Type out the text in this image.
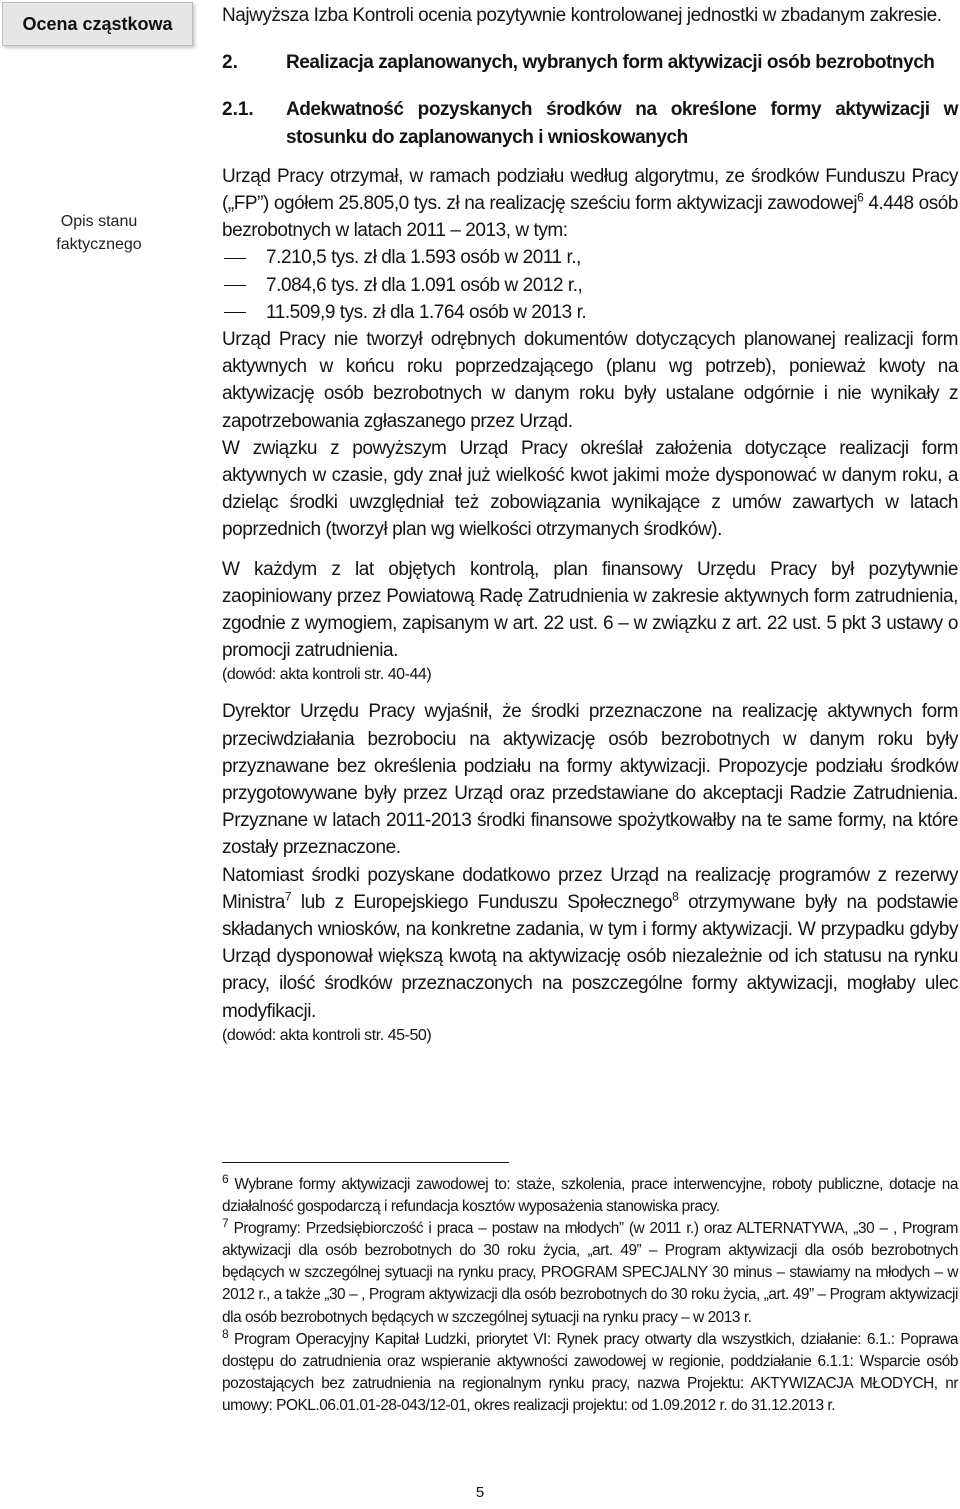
Ocena cząstkowa
Opis stanu
faktycznego

Najwyższa Izba Kontroli ocenia pozytywnie kontrolowanej jednostki w zbadanym zakresie.

2.	Realizacja zaplanowanych, wybranych form aktywizacji osób bezrobotnych
2.1.	Adekwatność pozyskanych środków na określone formy aktywizacji w stosunku do zaplanowanych i wnioskowanych

Urząd Pracy otrzymał, w ramach podziału według algorytmu, ze środków Funduszu Pracy („FP”) ogółem 25.805,0 tys. zł na realizację sześciu form aktywizacji zawodowej$^6$ 4.448 osób bezrobotnych w latach 2011 – 2013, w tym:

7.210,5 tys. zł dla 1.593 osób w 2011 r.,
7.084,6 tys. zł dla 1.091 osób w 2012 r.,
11.509,9 tys. zł dla 1.764 osób w 2013 r.

Urząd Pracy nie tworzył odrębnych dokumentów dotyczących planowanej realizacji form aktywnych w końcu roku poprzedzającego (planu wg potrzeb), ponieważ kwoty na aktywizację osób bezrobotnych w danym roku były ustalane odgórnie i nie wynikały z zapotrzebowania zgłaszanego przez Urząd.

W związku z powyższym Urząd Pracy określał założenia dotyczące realizacji form aktywnych w czasie, gdy znał już wielkość kwot jakimi może dysponować w danym roku, a dzieląc środki uwzględniał też zobowiązania wynikające z umów zawartych w latach poprzednich (tworzył plan wg wielkości otrzymanych środków).

W każdym z lat objętych kontrolą, plan finansowy Urzędu Pracy był pozytywnie zaopiniowany przez Powiatową Radę Zatrudnienia w zakresie aktywnych form zatrudnienia, zgodnie z wymogiem, zapisanym w art. 22 ust. 6 – w związku z art. 22 ust. 5 pkt 3 ustawy o promocji zatrudnienia.

(dowód: akta kontroli str. 40-44)

Dyrektor Urzędu Pracy wyjaśnił, że środki przeznaczone na realizację aktywnych form przeciwdziałania bezrobociu na aktywizację osób bezrobotnych w danym roku były przyznawane bez określenia podziału na formy aktywizacji. Propozycje podziału środków przygotowywane były przez Urząd oraz przedstawiane do akceptacji Radzie Zatrudnienia. Przyznane w latach 2011-2013 środki finansowe spożytkowałby na te same formy, na które zostały przeznaczone.

Natomiast środki pozyskane dodatkowo przez Urząd na realizację programów z rezerwy Ministra$^7$ lub z Europejskiego Funduszu Społecznego$^8$ otrzymywane były na podstawie składanych wniosków, na konkretne zadania, w tym i formy aktywizacji. W przypadku gdyby Urząd dysponował większą kwotą na aktywizację osób niezależnie od ich statusu na rynku pracy, ilość środków przeznaczonych na poszczególne formy aktywizacji, mogłaby ulec modyfikacji.

(dowód: akta kontroli str. 45-50)

$^6$ Wybrane formy aktywizacji zawodowej to: staże, szkolenia, prace interwencyjne, roboty publiczne, dotacje na działalność gospodarczą i refundacja kosztów wyposażenia stanowiska pracy.

$^7$ Programy: Przedsiębiorczość i praca – postaw na młodych” (w 2011 r.) oraz ALTERNATYWA, „30 – , Program aktywizacji dla osób bezrobotnych do 30 roku życia, „art. 49” – Program aktywizacji dla osób bezrobotnych będących w szczególnej sytuacji na rynku pracy, PROGRAM SPECJALNY 30 minus – stawiamy na młodych – w 2012 r., a także „30 – , Program aktywizacji dla osób bezrobotnych do 30 roku życia, „art. 49” – Program aktywizacji dla osób bezrobotnych będących w szczególnej sytuacji na rynku pracy – w 2013 r.

$^8$ Program Operacyjny Kapitał Ludzki, priorytet VI: Rynek pracy otwarty dla wszystkich, działanie: 6.1.: Poprawa dostępu do zatrudnienia oraz wspieranie aktywności zawodowej w regionie, poddziałanie 6.1.1: Wsparcie osób pozostających bez zatrudnienia na regionalnym rynku pracy, nazwa Projektu: AKTYWIZACJA MŁODYCH, nr umowy: POKL.06.01.01-28-043/12-01, okres realizacji projektu: od 1.09.2012 r. do 31.12.2013 r.

5
